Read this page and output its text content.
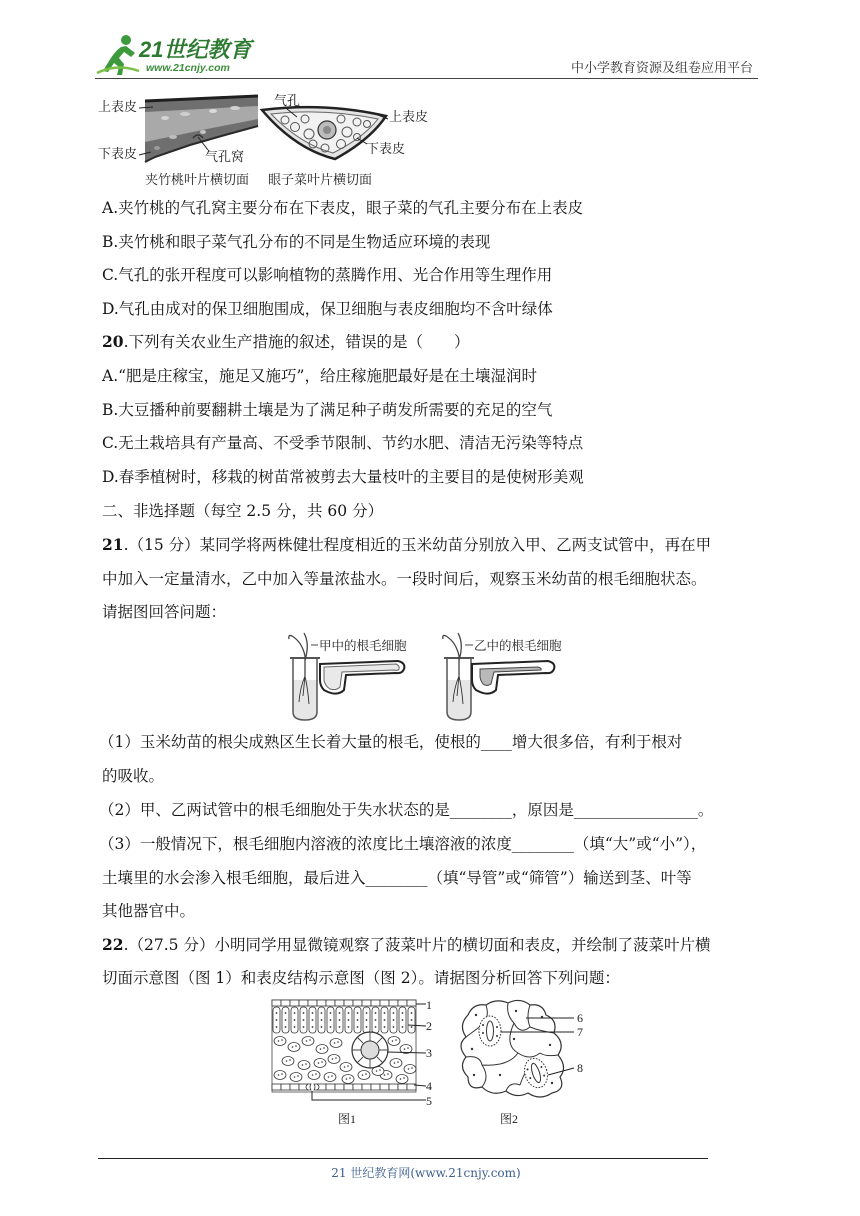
21世纪教育
www.21cnjy.com	中小学教育资源及组卷应用平台
上表皮
下表皮	气孔窝
气孔
上表皮
下表皮
夹竹桃叶片横切面 眼子菜叶片横切面
A.夹竹桃的气孔窝主要分布在下表皮，眼子菜的气孔主要分布在上表皮
B.夹竹桃和眼子菜气孔分布的不同是生物适应环境的表现
C.气孔的张开程度可以影响植物的蒸腾作用、光合作用等生理作用
D.气孔由成对的保卫细胞围成，保卫细胞与表皮细胞均不含叶绿体
20.下列有关农业生产措施的叙述，错误的是（　　）
A.“肥是庄稼宝，施足又施巧”，给庄稼施肥最好是在土壤湿润时
B.大豆播种前要翻耕土壤是为了满足种子萌发所需要的充足的空气
C.无土栽培具有产量高、不受季节限制、节约水肥、清洁无污染等特点
D.春季植树时，移栽的树苗常被剪去大量枝叶的主要目的是使树形美观
二、非选择题（每空 2.5 分，共 60 分）
21.（15 分）某同学将两株健壮程度相近的玉米幼苗分别放入甲、乙两支试管中，再在甲
中加入一定量清水，乙中加入等量浓盐水。一段时间后，观察玉米幼苗的根毛细胞状态。
请据图回答问题：
甲中的根毛细胞	乙中的根毛细胞
（1）玉米幼苗的根尖成熟区生长着大量的根毛，使根的____增大很多倍，有利于根对
的吸收。
（2）甲、乙两试管中的根毛细胞处于失水状态的是________，原因是________________。
（3）一般情况下，根毛细胞内溶液的浓度比土壤溶液的浓度________（填“大”或“小”），
土壤里的水会渗入根毛细胞，最后进入________（填“导管”或“筛管”）输送到茎、叶等
其他器官中。
22.（27.5 分）小明同学用显微镜观察了菠菜叶片的横切面和表皮，并绘制了菠菜叶片横
切面示意图（图 1）和表皮结构示意图（图 2）。请据图分析回答下列问题：
1
2
3
4
5
6
7
8
图1	图2
21 世纪教育网(www.21cnjy.com)
